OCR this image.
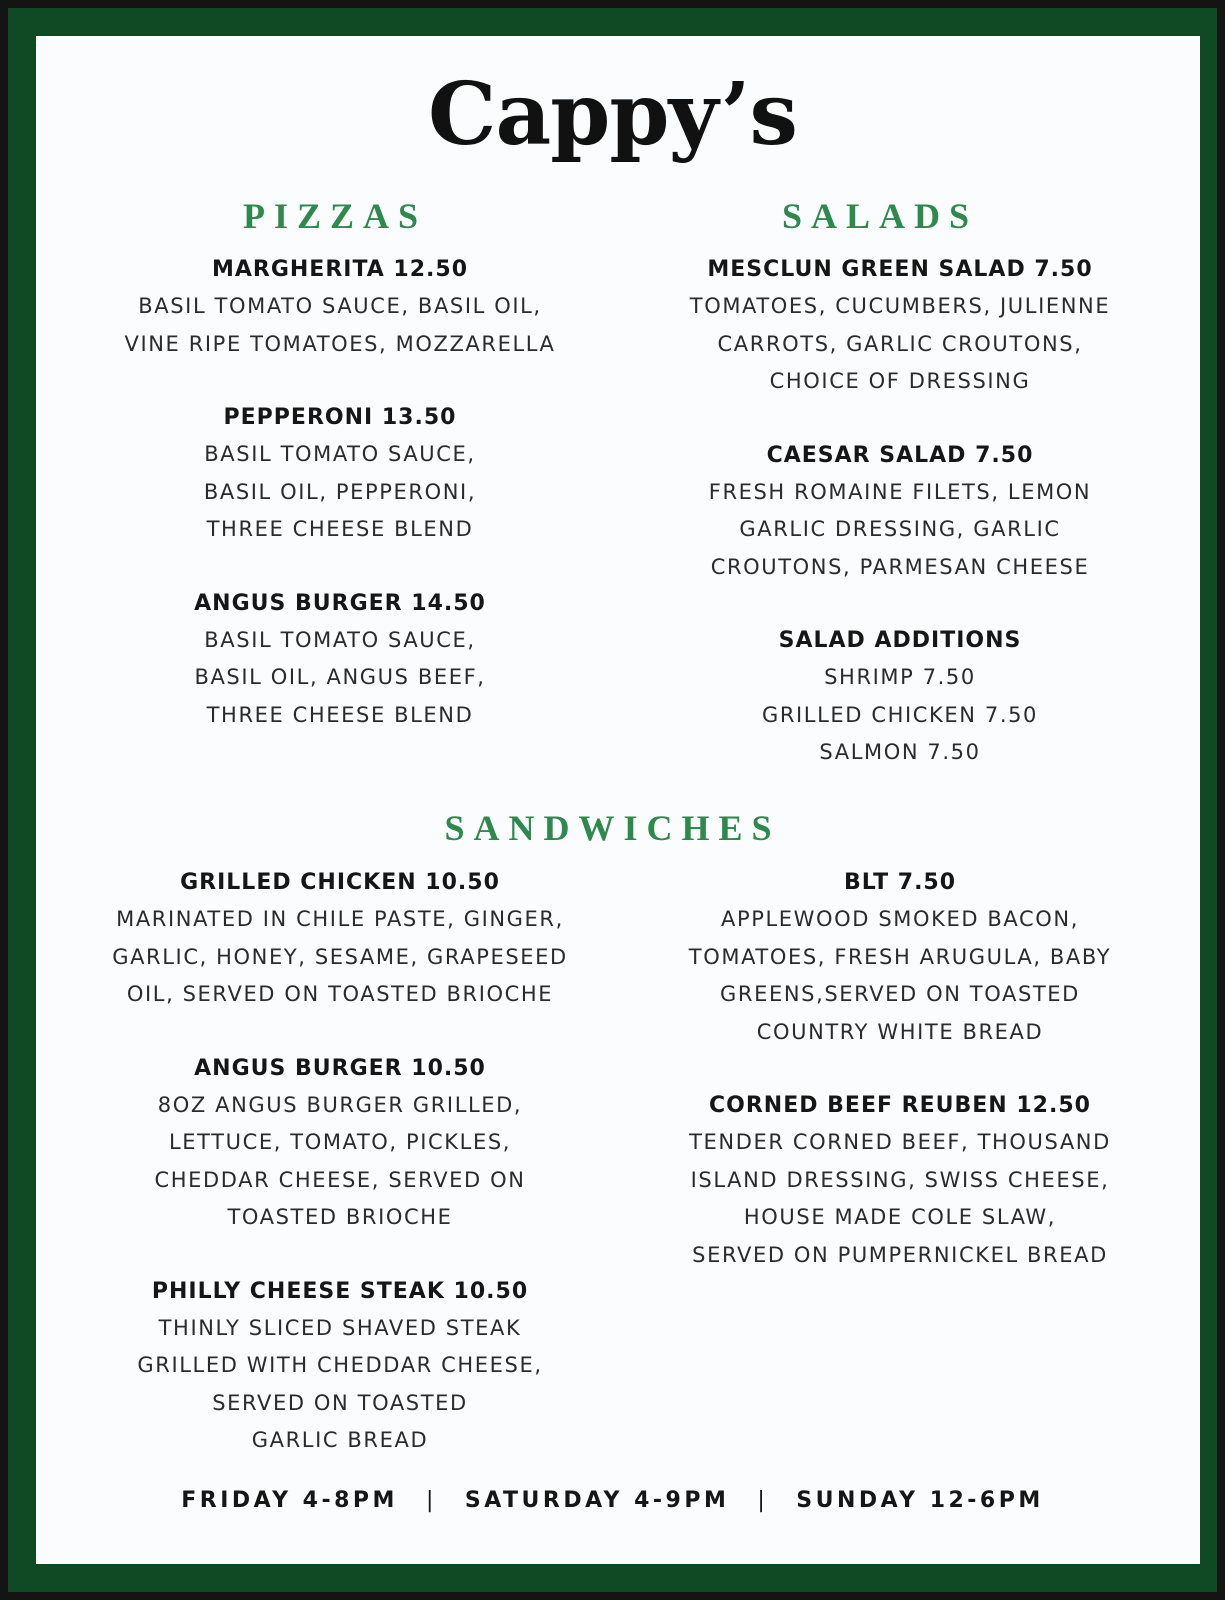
Cappy’s
PIZZAS	SALADS
MARGHERITA 12.50
BASIL TOMATO SAUCE, BASIL OIL,
VINE RIPE TOMATOES, MOZZARELLA
PEPPERONI 13.50
BASIL TOMATO SAUCE,
BASIL OIL, PEPPERONI,
THREE CHEESE BLEND
ANGUS BURGER 14.50
BASIL TOMATO SAUCE,
BASIL OIL, ANGUS BEEF,
THREE CHEESE BLEND
MESCLUN GREEN SALAD 7.50
TOMATOES, CUCUMBERS, JULIENNE
CARROTS, GARLIC CROUTONS,
CHOICE OF DRESSING
CAESAR SALAD 7.50
FRESH ROMAINE FILETS, LEMON
GARLIC DRESSING, GARLIC
CROUTONS, PARMESAN CHEESE
SALAD ADDITIONS
SHRIMP 7.50
GRILLED CHICKEN 7.50
SALMON 7.50
SANDWICHES
GRILLED CHICKEN 10.50
MARINATED IN CHILE PASTE, GINGER,
GARLIC, HONEY, SESAME, GRAPESEED
OIL, SERVED ON TOASTED BRIOCHE
ANGUS BURGER 10.50
8OZ ANGUS BURGER GRILLED,
LETTUCE, TOMATO, PICKLES,
CHEDDAR CHEESE, SERVED ON
TOASTED BRIOCHE
PHILLY CHEESE STEAK 10.50
THINLY SLICED SHAVED STEAK
GRILLED WITH CHEDDAR CHEESE,
SERVED ON TOASTED
GARLIC BREAD
BLT 7.50
APPLEWOOD SMOKED BACON,
TOMATOES, FRESH ARUGULA, BABY
GREENS,SERVED ON TOASTED
COUNTRY WHITE BREAD
CORNED BEEF REUBEN 12.50
TENDER CORNED BEEF, THOUSAND
ISLAND DRESSING, SWISS CHEESE,
HOUSE MADE COLE SLAW,
SERVED ON PUMPERNICKEL BREAD
FRIDAY 4-8PM | SATURDAY 4-9PM | SUNDAY 12-6PM
